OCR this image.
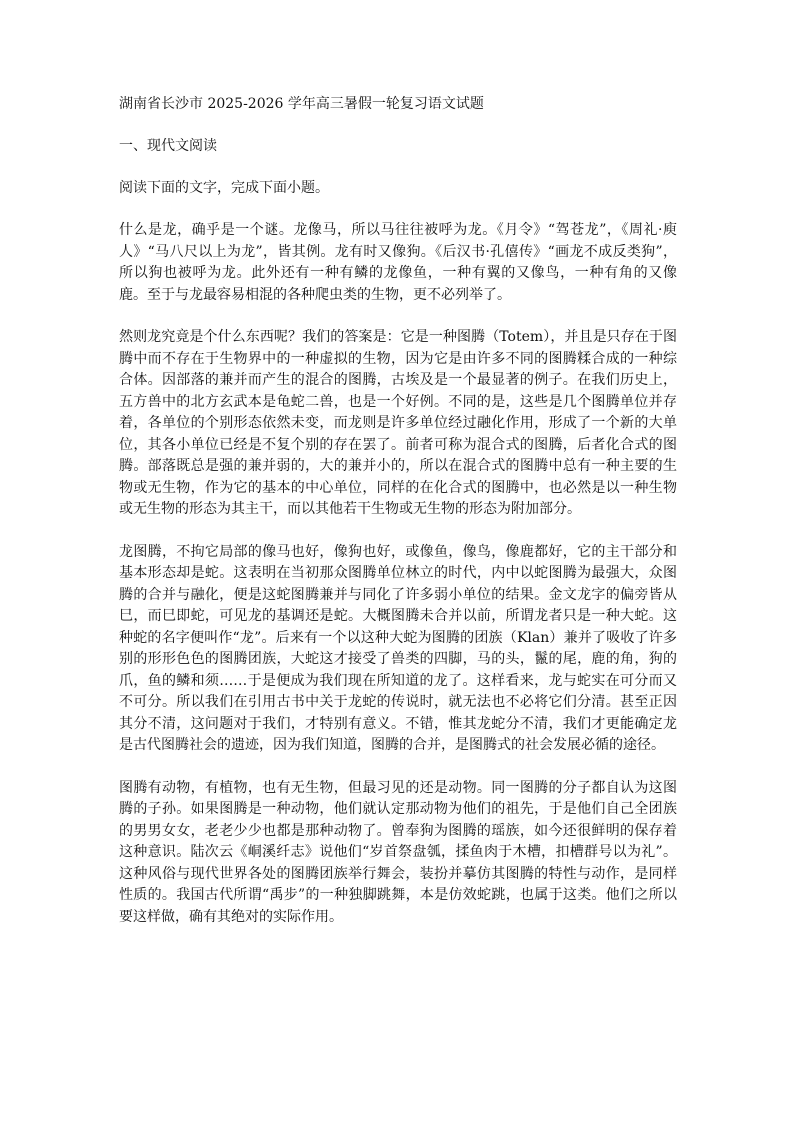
湖南省长沙市 2025-2026 学年高三暑假一轮复习语文试题

一、现代文阅读

阅读下面的文字，完成下面小题。

什么是龙，确乎是一个谜。龙像马，所以马往往被呼为龙。《月令》“驾苍龙”，《周礼·庾人》“马八尺以上为龙”，皆其例。龙有时又像狗。《后汉书·孔僖传》“画龙不成反类狗”，所以狗也被呼为龙。此外还有一种有鳞的龙像鱼，一种有翼的又像鸟，一种有角的又像鹿。至于与龙最容易相混的各种爬虫类的生物，更不必列举了。

然则龙究竟是个什么东西呢？我们的答案是：它是一种图腾（Totem），并且是只存在于图腾中而不存在于生物界中的一种虚拟的生物，因为它是由许多不同的图腾糅合成的一种综合体。因部落的兼并而产生的混合的图腾，古埃及是一个最显著的例子。在我们历史上，五方兽中的北方玄武本是龟蛇二兽，也是一个好例。不同的是，这些是几个图腾单位并存着，各单位的个别形态依然未变，而龙则是许多单位经过融化作用，形成了一个新的大单位，其各小单位已经是不复个别的存在罢了。前者可称为混合式的图腾，后者化合式的图腾。部落既总是强的兼并弱的，大的兼并小的，所以在混合式的图腾中总有一种主要的生物或无生物，作为它的基本的中心单位，同样的在化合式的图腾中，也必然是以一种生物或无生物的形态为其主干，而以其他若干生物或无生物的形态为附加部分。

龙图腾，不拘它局部的像马也好，像狗也好，或像鱼，像鸟，像鹿都好，它的主干部分和基本形态却是蛇。这表明在当初那众图腾单位林立的时代，内中以蛇图腾为最强大，众图腾的合并与融化，便是这蛇图腾兼并与同化了许多弱小单位的结果。金文龙字的偏旁皆从巳，而巳即蛇，可见龙的基调还是蛇。大概图腾未合并以前，所谓龙者只是一种大蛇。这种蛇的名字便叫作“龙”。后来有一个以这种大蛇为图腾的团族（Klan）兼并了吸收了许多别的形形色色的图腾团族，大蛇这才接受了兽类的四脚，马的头，鬣的尾，鹿的角，狗的爪，鱼的鳞和须……于是便成为我们现在所知道的龙了。这样看来，龙与蛇实在可分而又不可分。所以我们在引用古书中关于龙蛇的传说时，就无法也不必将它们分清。甚至正因其分不清，这问题对于我们，才特别有意义。不错，惟其龙蛇分不清，我们才更能确定龙是古代图腾社会的遗迹，因为我们知道，图腾的合并，是图腾式的社会发展必循的途径。

图腾有动物，有植物，也有无生物，但最习见的还是动物。同一图腾的分子都自认为这图腾的子孙。如果图腾是一种动物，他们就认定那动物为他们的祖先，于是他们自己全团族的男男女女，老老少少也都是那种动物了。曾奉狗为图腾的瑶族，如今还很鲜明的保存着这种意识。陆次云《峒溪纤志》说他们“岁首祭盘瓠，揉鱼肉于木槽，扣槽群号以为礼”。这种风俗与现代世界各处的图腾团族举行舞会，装扮并摹仿其图腾的特性与动作，是同样性质的。我国古代所谓“禹步”的一种独脚跳舞，本是仿效蛇跳，也属于这类。他们之所以要这样做，确有其绝对的实际作用。
